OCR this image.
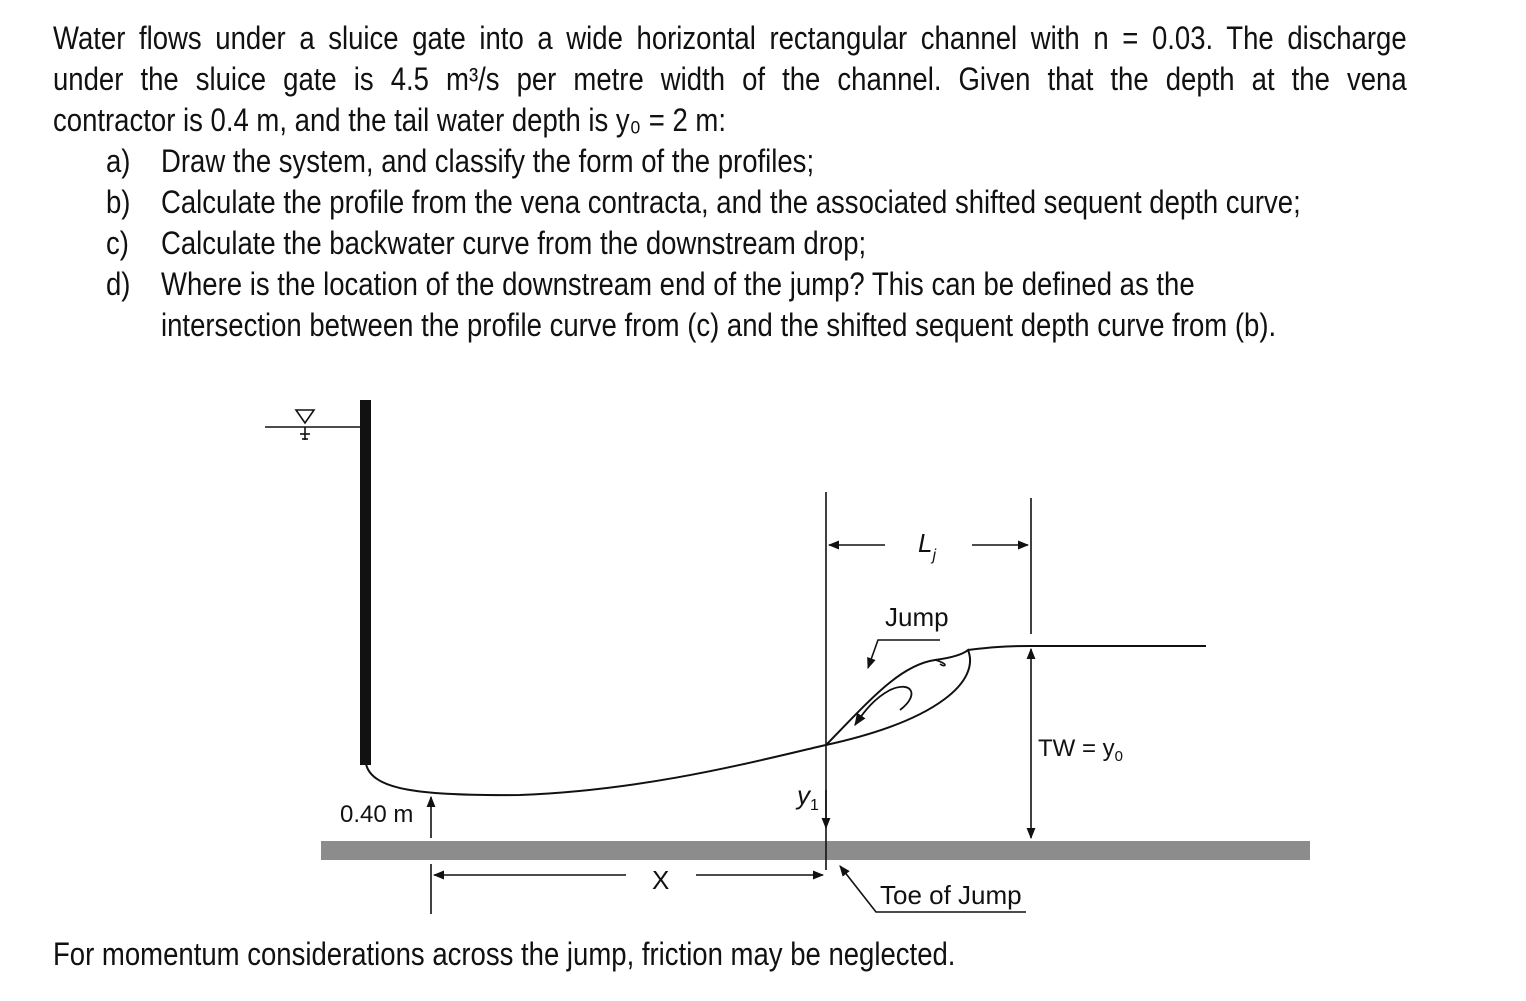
Water flows under a sluice gate into a wide horizontal rectangular channel with n = 0.03. The discharge
under the sluice gate is 4.5 m³/s per metre width of the channel. Given that the depth at the vena
contractor is 0.4 m, and the tail water depth is y₀ = 2 m:
a) Draw the system, and classify the form of the profiles;
b) Calculate the profile from the vena contracta, and the associated shifted sequent depth curve;
c) Calculate the backwater curve from the downstream drop;
d) Where is the location of the downstream end of the jump? This can be defined as the
intersection between the profile curve from (c) and the shifted sequent depth curve from (b).
0.40 m
$y_1$
$L_j$
Jump
TW = $y_0$
X	Toe of Jump
For momentum considerations across the jump, friction may be neglected.
